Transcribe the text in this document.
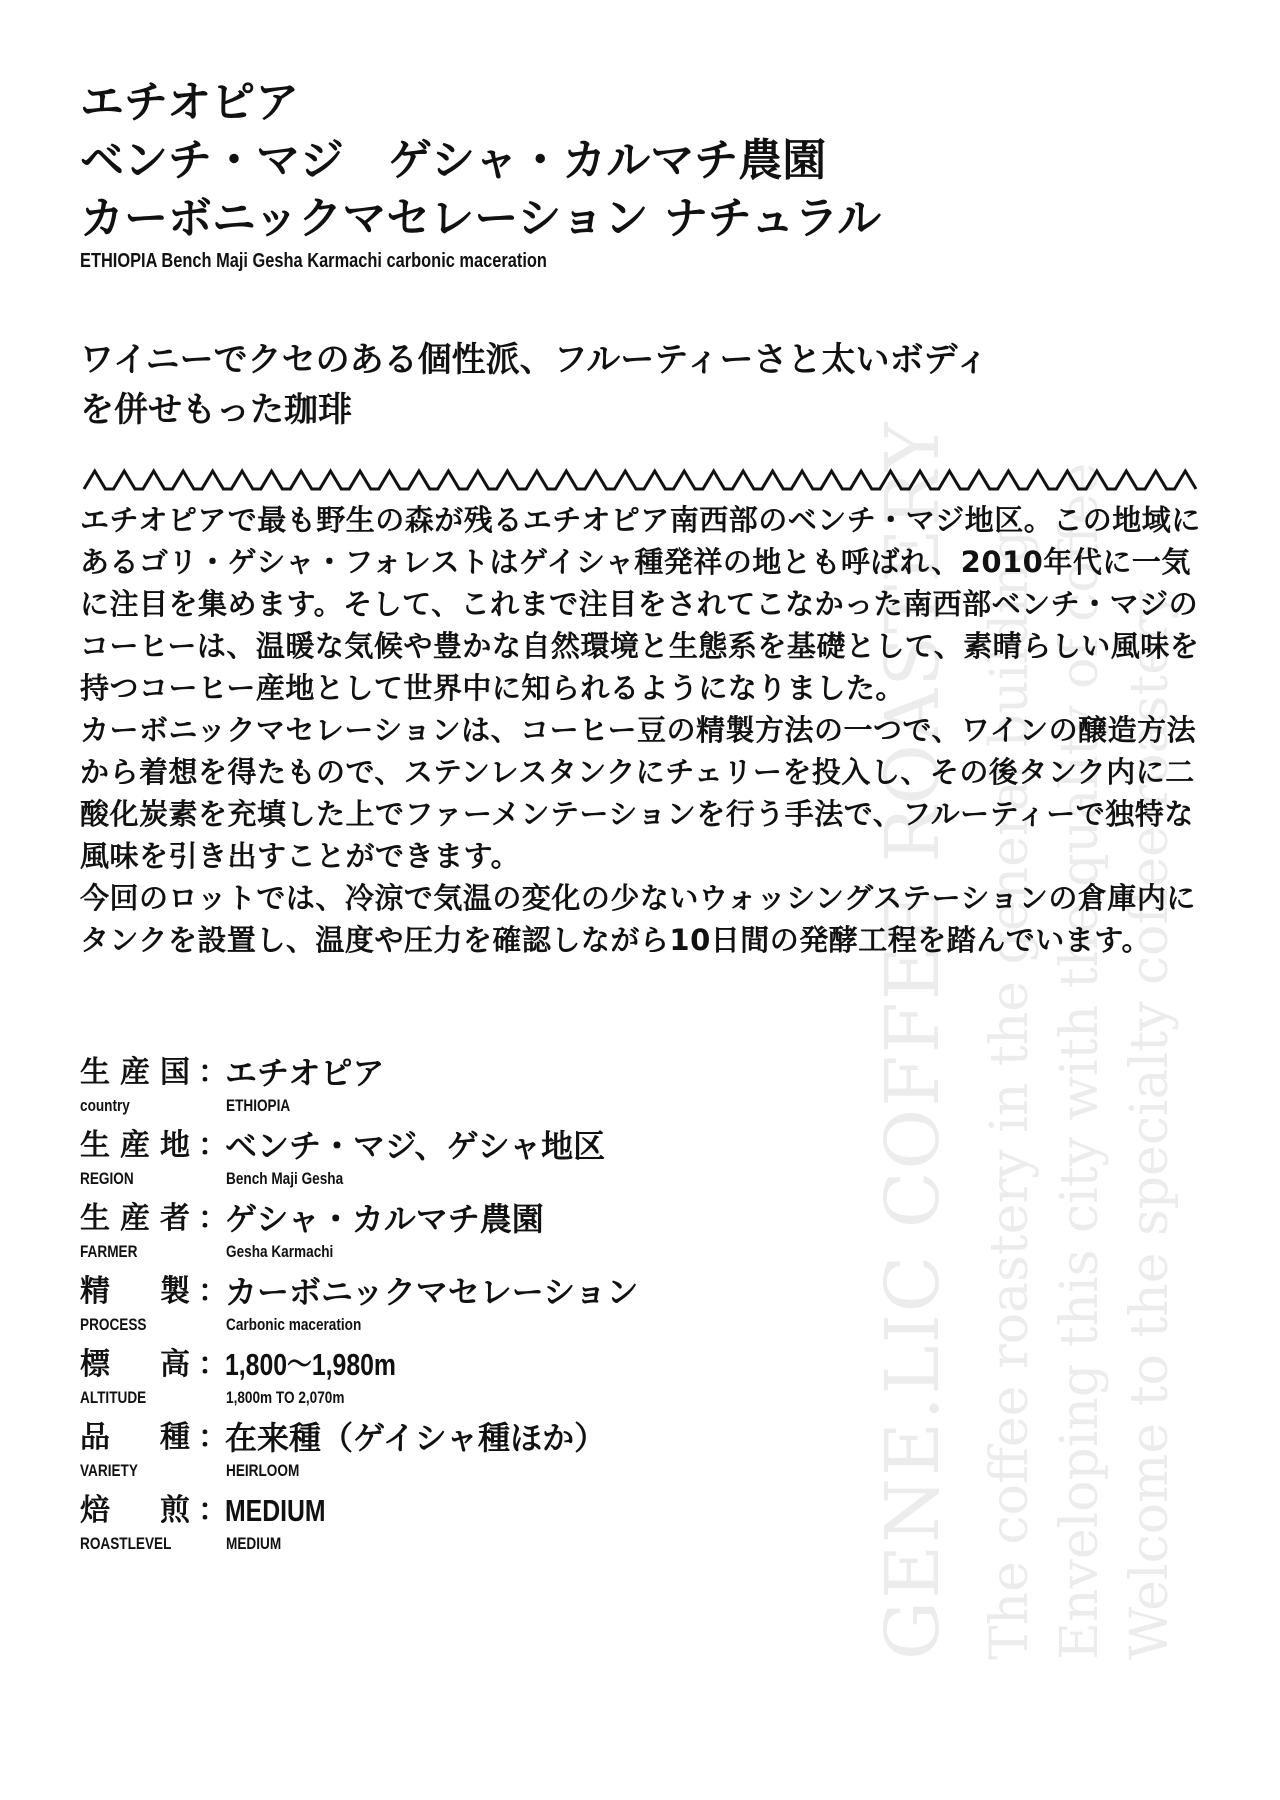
GENE.LIC COFFEE ROASTERY The coffee roastery in the general building Enveloping this city with the quality of coffee Welcome to the specialty coffee roastery
エチオピア
ベンチ・マジ　ゲシャ・カルマチ農園
カーボニックマセレーション ナチュラル
ETHIOPIA Bench Maji Gesha Karmachi carbonic maceration
ワイニーでクセのある個性派、フルーティーさと太いボディ
を併せもった珈琲

エチオピアで最も野生の森が残るエチオピア南西部のベンチ・マジ地区。この地域にあるゴリ・ゲシャ・フォレストはゲイシャ種発祥の地とも呼ばれ、2010年代に一気に注目を集めます。そして、これまで注目をされてこなかった南西部ベンチ・マジのコーヒーは、温暖な気候や豊かな自然環境と生態系を基礎として、素晴らしい風味を持つコーヒー産地として世界中に知られるようになりました。

カーボニックマセレーションは、コーヒー豆の精製方法の一つで、ワインの醸造方法から着想を得たもので、ステンレスタンクにチェリーを投入し、その後タンク内に二酸化炭素を充填した上でファーメンテーションを行う手法で、フルーティーで独特な風味を引き出すことができます。

今回のロットでは、冷涼で気温の変化の少ないウォッシングステーションの倉庫内にタンクを設置し、温度や圧力を確認しながら10日間の発酵工程を踏んでいます。

生産国 ：
エチオピア
country	ETHIOPIA
生産地 ：
ベンチ・マジ、ゲシャ地区
REGION	Bench Maji Gesha
生産者 ：
ゲシャ・カルマチ農園
FARMER	Gesha Karmachi
精製 ：
カーボニックマセレーション
PROCESS	Carbonic maceration
標高 ：
1,800～1,980m
ALTITUDE	1,800m TO 2,070m
品種 ：
在来種（ゲイシャ種ほか）
VARIETY	HEIRLOOM
焙煎 ：
MEDIUM
ROASTLEVEL	MEDIUM
